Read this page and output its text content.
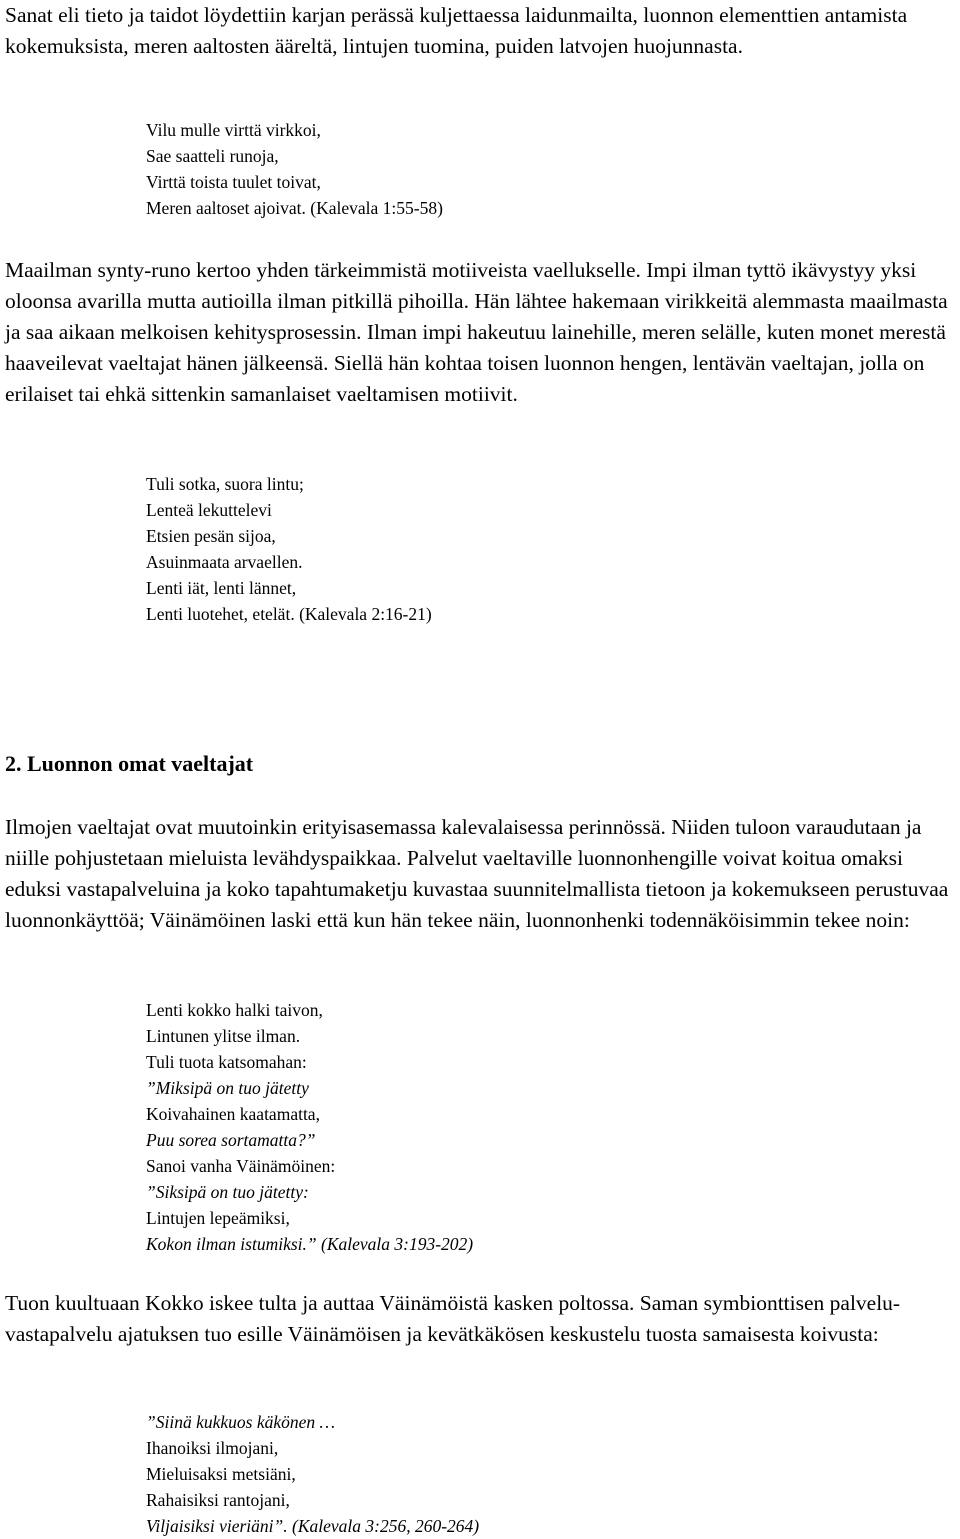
Sanat eli tieto ja taidot löydettiin karjan perässä kuljettaessa laidunmailta, luonnon elementtien antamista kokemuksista, meren aaltosten ääreltä, lintujen tuomina, puiden latvojen huojunnasta.

Vilu mulle virttä virkkoi,
Sae saatteli runoja,
Virttä toista tuulet toivat,
Meren aaltoset ajoivat. (Kalevala 1:55-58)

Maailman synty-runo kertoo yhden tärkeimmistä motiiveista vaellukselle. Impi ilman tyttö ikävystyy yksi oloonsa avarilla mutta autioilla ilman pitkillä pihoilla. Hän lähtee hakemaan virikkeitä alemmasta maailmasta ja saa aikaan melkoisen kehitysprosessin. Ilman impi hakeutuu lainehille, meren selälle, kuten monet merestä haaveilevat vaeltajat hänen jälkeensä. Siellä hän kohtaa toisen luonnon hengen, lentävän vaeltajan, jolla on erilaiset tai ehkä sittenkin samanlaiset vaeltamisen motiivit.

Tuli sotka, suora lintu;
Lenteä lekuttelevi
Etsien pesän sijoa,
Asuinmaata arvaellen.
Lenti iät, lenti lännet,
Lenti luotehet, etelät. (Kalevala 2:16-21)
2. Luonnon omat vaeltajat

Ilmojen vaeltajat ovat muutoinkin erityisasemassa kalevalaisessa perinnössä. Niiden tuloon varaudutaan ja niille pohjustetaan mieluista levähdyspaikkaa. Palvelut vaeltaville luonnonhengille voivat koitua omaksi eduksi vastapalveluina ja koko tapahtumaketju kuvastaa suunnitelmallista tietoon ja kokemukseen perustuvaa luonnonkäyttöä; Väinämöinen laski että kun hän tekee näin, luonnonhenki todennäköisimmin tekee noin:

Lenti kokko halki taivon,
Lintunen ylitse ilman.
Tuli tuota katsomahan:
”Miksipä on tuo jätetty
Koivahainen kaatamatta,
Puu sorea sortamatta?”
Sanoi vanha Väinämöinen:
”Siksipä on tuo jätetty:
Lintujen lepeämiksi,
Kokon ilman istumiksi.” (Kalevala 3:193-202)

Tuon kuultuaan Kokko iskee tulta ja auttaa Väinämöistä kasken poltossa. Saman symbionttisen palvelu-vastapalvelu ajatuksen tuo esille Väinämöisen ja kevätkäkösen keskustelu tuosta samaisesta koivusta:

”Siinä kukkuos käkönen …
Ihanoiksi ilmojani,
Mieluisaksi metsiäni,
Rahaisiksi rantojani,
Viljaisiksi vieriäni”. (Kalevala 3:256, 260-264)
